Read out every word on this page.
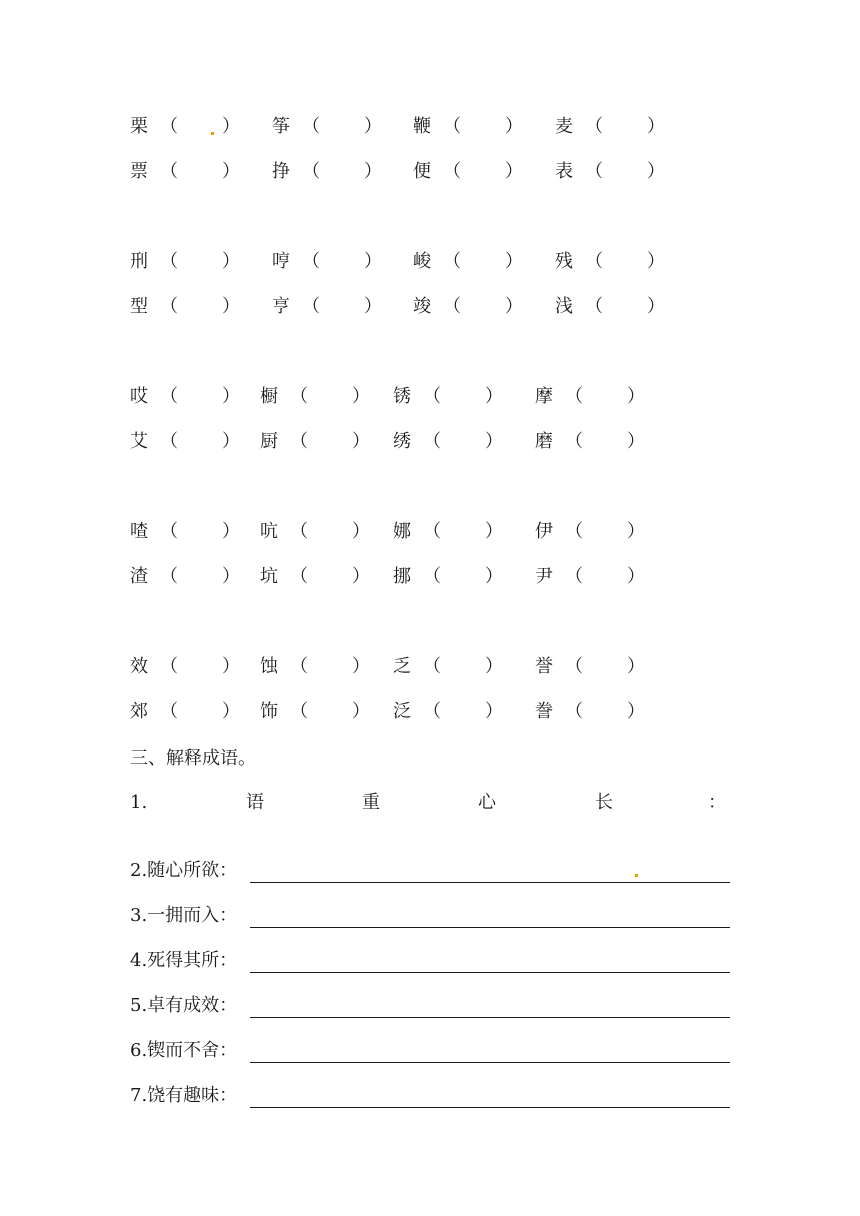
栗 （ ） 筝 （ ） 鞭 （ ） 麦 （ ）
票 （ ） 挣 （ ） 便 （ ） 表 （ ）
刑 （ ） 哼 （ ） 峻 （ ） 残 （ ）
型 （ ） 亨 （ ） 竣 （ ） 浅 （ ）
哎 （ ） 橱 （ ） 锈 （ ） 摩 （ ）
艾 （ ） 厨 （ ） 绣 （ ） 磨 （ ）
喳 （ ） 吭 （ ） 娜 （ ） 伊 （ ）
渣 （ ） 坑 （ ） 挪 （ ） 尹 （ ）
效 （ ） 蚀 （ ） 乏 （ ） 誉 （ ）
郊 （ ） 饰 （ ） 泛 （ ） 誊 （ ）
三、解释成语。
1.	语	重	心	长	：
2.随心所欲：
3.一拥而入：
4.死得其所：
5.卓有成效：
6.锲而不舍：
7.饶有趣味：
